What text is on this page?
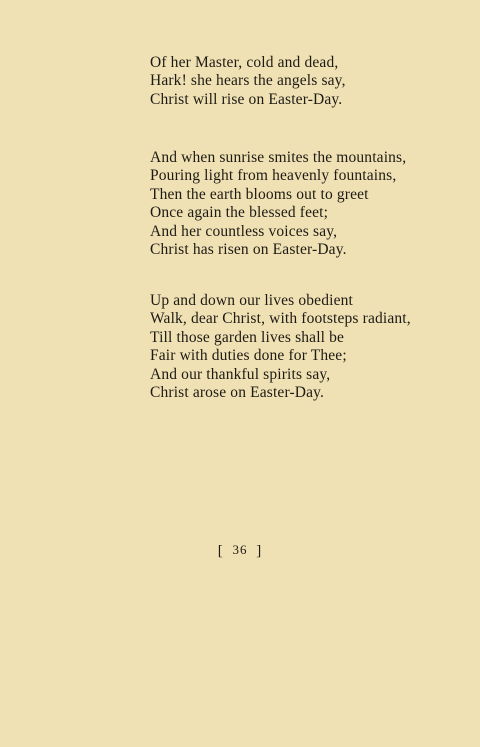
Of her Master, cold and dead,
Hark! she hears the angels say,
Christ will rise on Easter-Day.
And when sunrise smites the mountains,
Pouring light from heavenly fountains,
Then the earth blooms out to greet
Once again the blessed feet;
And her countless voices say,
Christ has risen on Easter-Day.
Up and down our lives obedient
Walk, dear Christ, with footsteps radiant,
Till those garden lives shall be
Fair with duties done for Thee;
And our thankful spirits say,
Christ arose on Easter-Day.
[ 36 ]
